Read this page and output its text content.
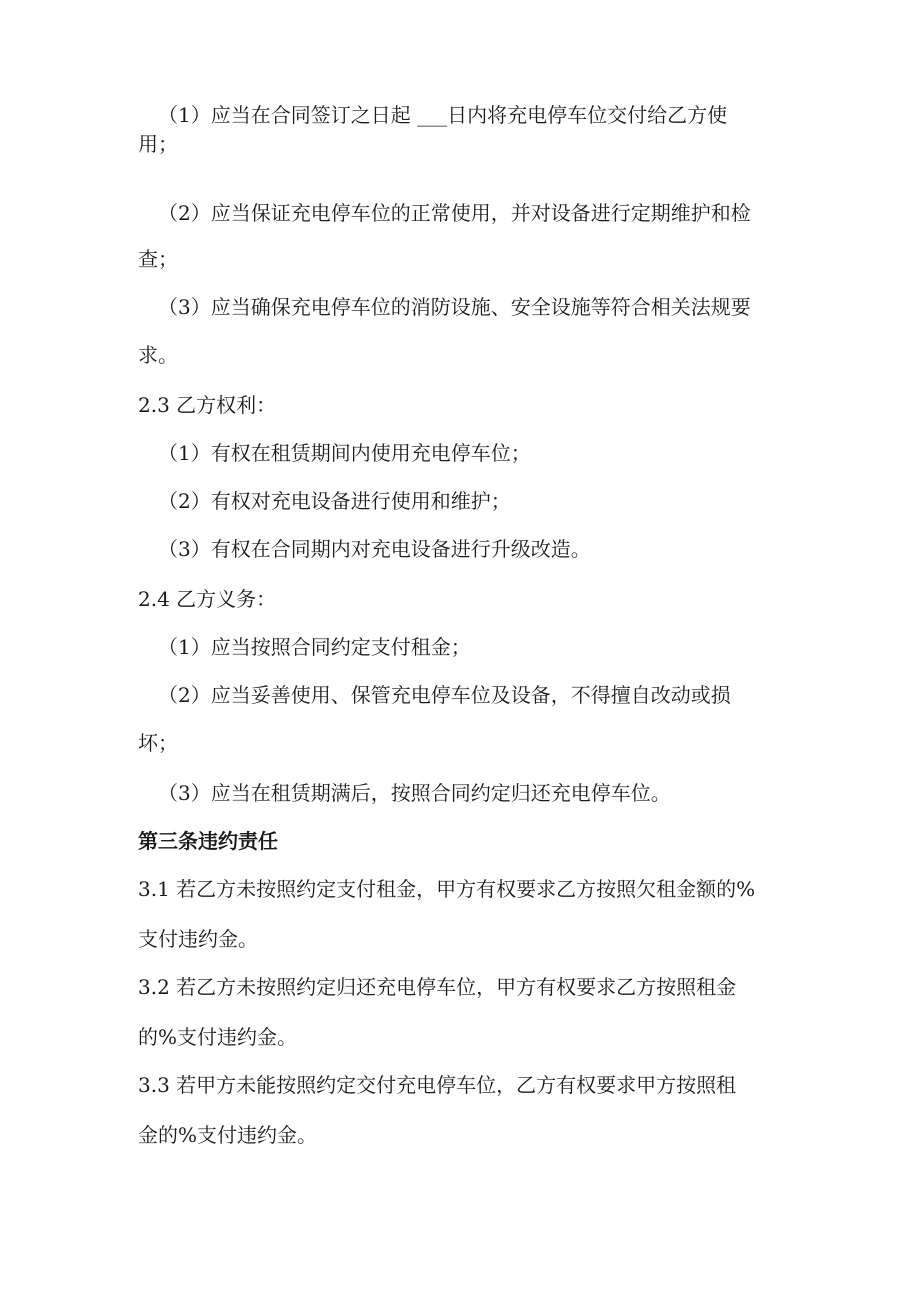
（1）应当在合同签订之日起 ___日内将充电停车位交付给乙方使
用；
（2）应当保证充电停车位的正常使用，并对设备进行定期维护和检
查；
（3）应当确保充电停车位的消防设施、安全设施等符合相关法规要
求。
2.3 乙方权利：
（1）有权在租赁期间内使用充电停车位；
（2）有权对充电设备进行使用和维护；
（3）有权在合同期内对充电设备进行升级改造。
2.4 乙方义务：
（1）应当按照合同约定支付租金；
（2）应当妥善使用、保管充电停车位及设备，不得擅自改动或损
坏；
（3）应当在租赁期满后，按照合同约定归还充电停车位。
第三条违约责任
3.1 若乙方未按照约定支付租金，甲方有权要求乙方按照欠租金额的%
支付违约金。
3.2 若乙方未按照约定归还充电停车位，甲方有权要求乙方按照租金
的%支付违约金。
3.3 若甲方未能按照约定交付充电停车位，乙方有权要求甲方按照租
金的%支付违约金。
